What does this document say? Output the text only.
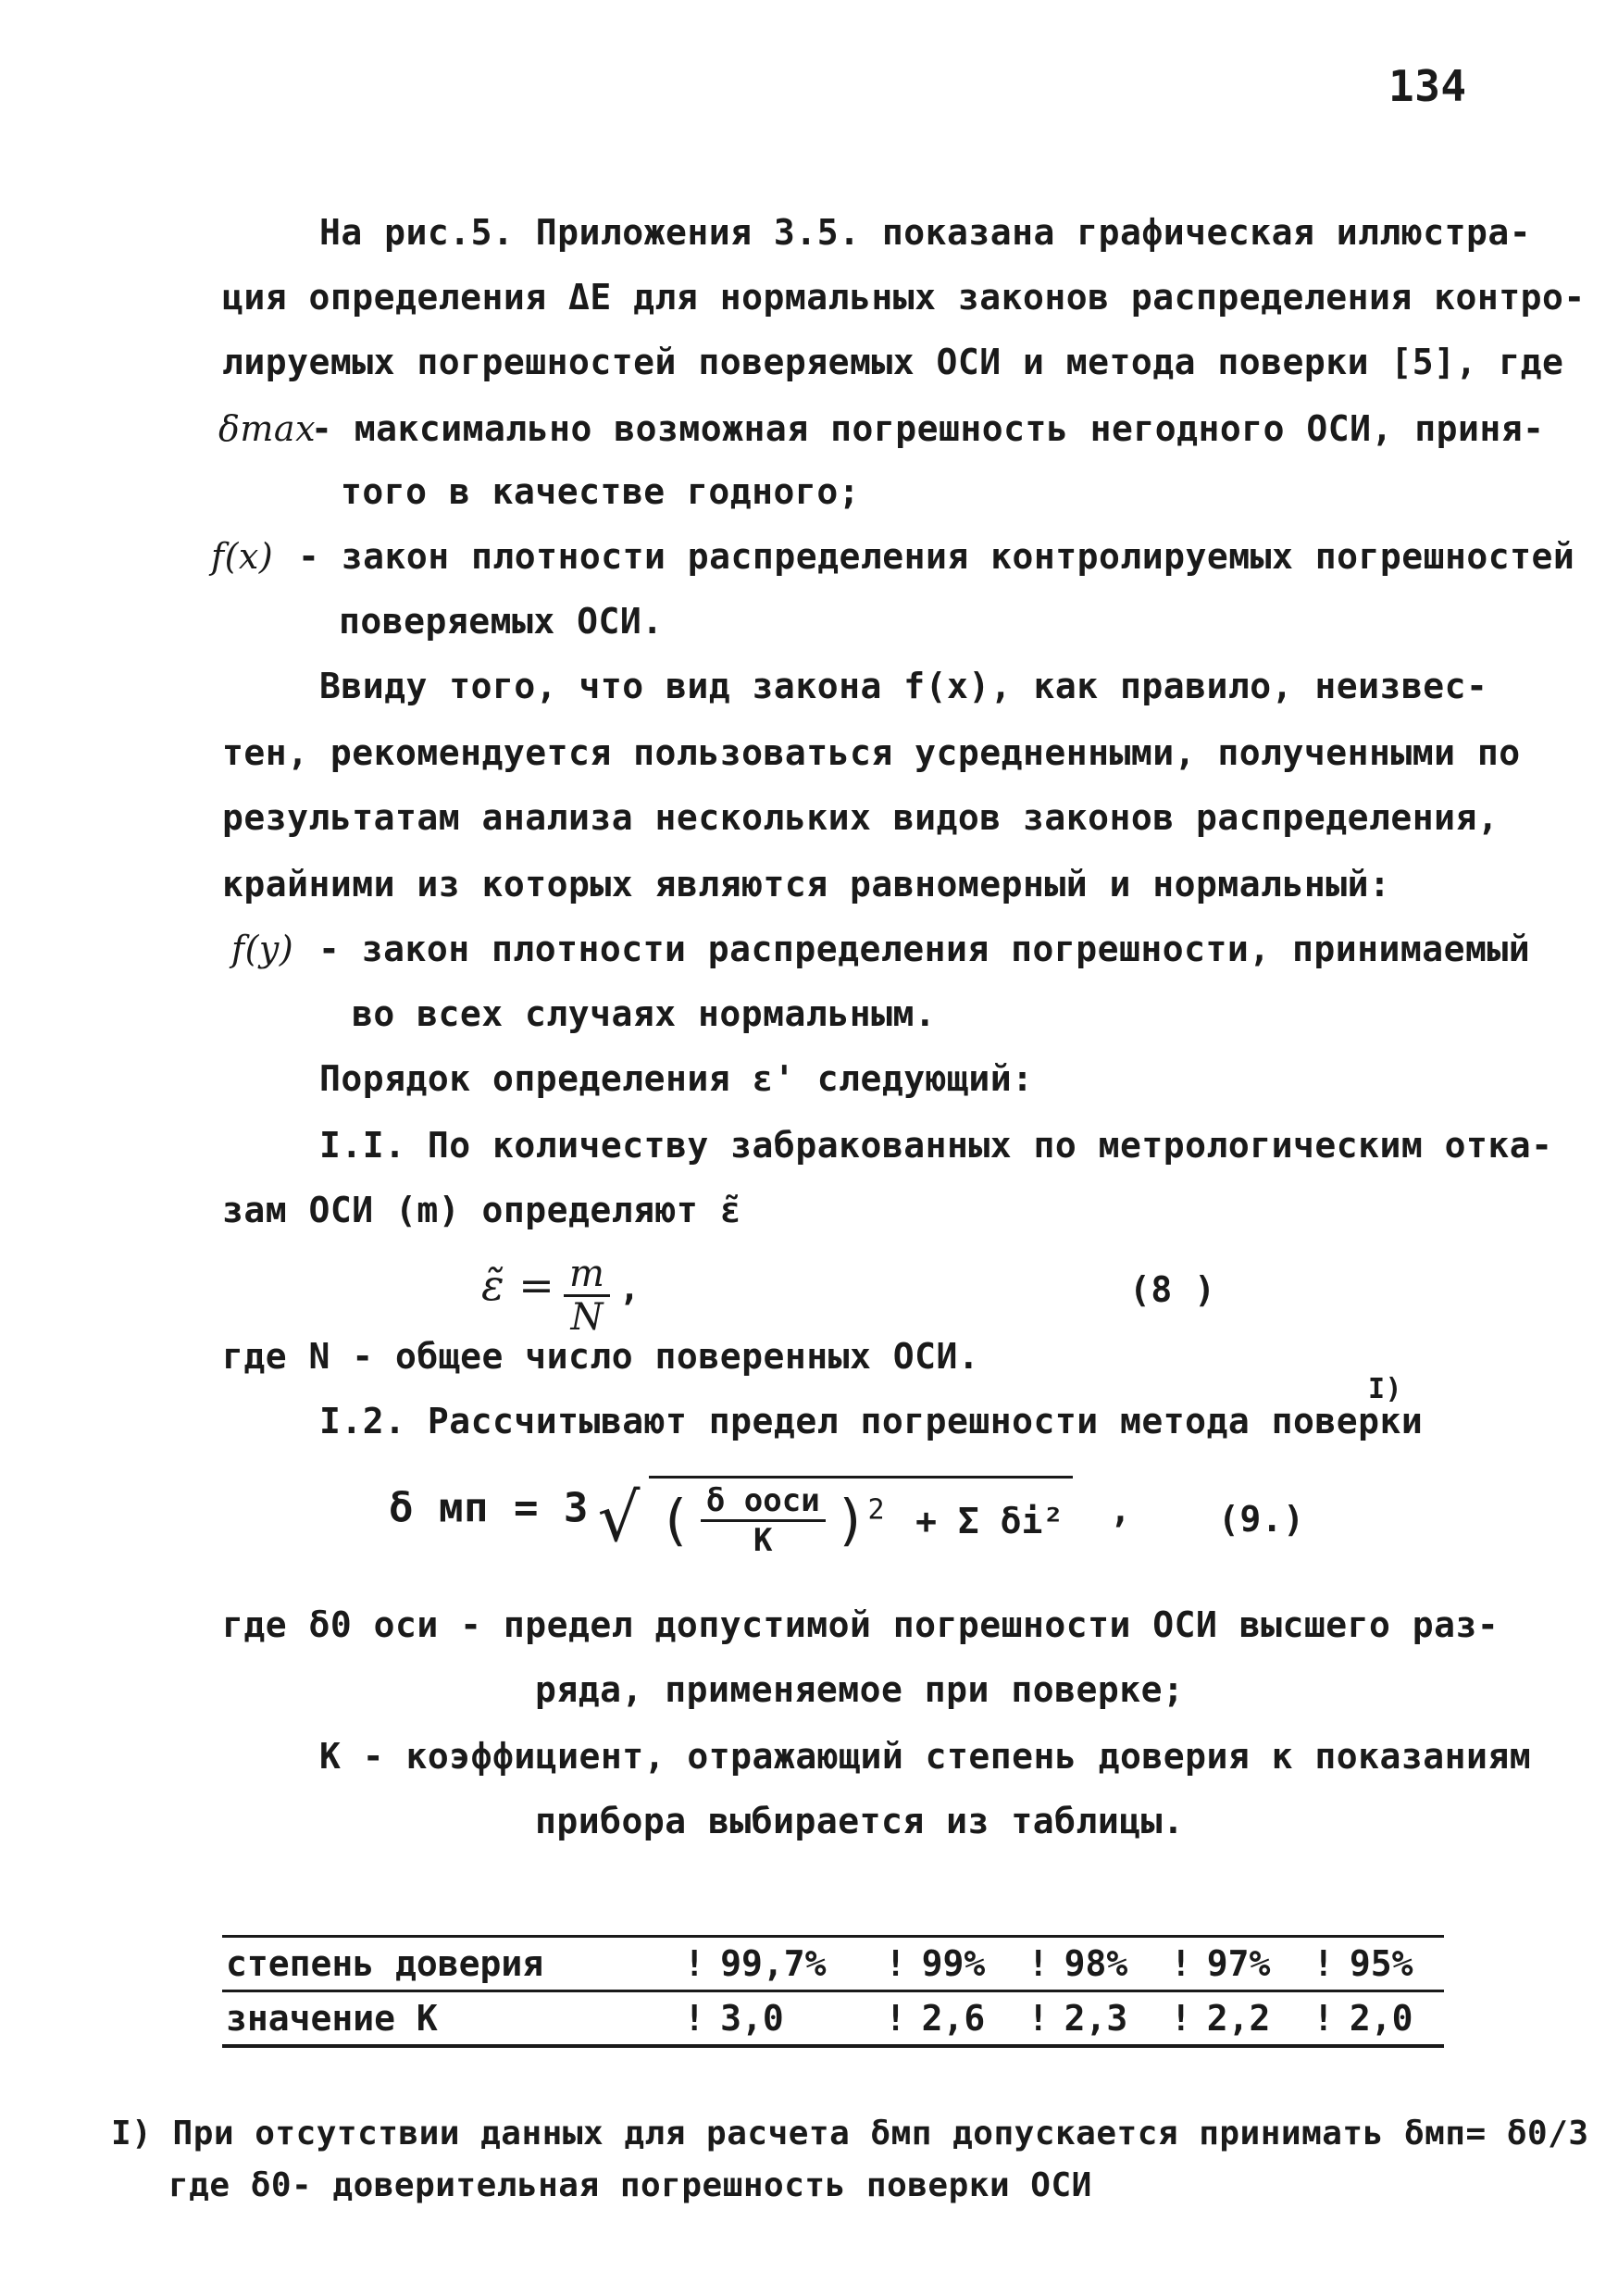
134
На рис.5. Приложения 3.5. показана графическая иллюстра-
ция определения ΔE для нормальных законов распределения контро-
лируемых погрешностей поверяемых ОСИ и метода поверки [5], где
δmax
- максимально возможная погрешность негодного ОСИ, приня-
того в качестве годного;
f(x) - закон плотности распределения контролируемых погрешностей
поверяемых ОСИ.
Ввиду того, что вид закона f(x), как правило, неизвес-
тен, рекомендуется пользоваться усредненными, полученными по
результатам анализа нескольких видов законов распределения,
крайними из которых являются равномерный и нормальный:
f(y) - закон плотности распределения погрешности, принимаемый
во всех случаях нормальным.
Порядок определения ε' следующий:
I.I. По количеству забракованных по метрологическим отка-
зам ОСИ (m) определяют ε̃
ε̃ = $\frac{m}{N}$ ,	(8 )
где N - общее число поверенных ОСИ.
I.2. Рассчитывают предел погрешности метода поверки
I)
δ мп = 3 √ ( $\frac{\text{δ ооси}}{К} )^2 + \Sigma$ δi² , (9.)
где δ0 оси - предел допустимой погрешности ОСИ высшего раз-
ряда, применяемое при поверке;
К - коэффициент, отражающий степень доверия к показаниям
прибора выбирается из таблицы.
степень доверия	!	99,7%	!	99%	!	98%	!	97%	!	95%
значение К	!	3,0	!	2,6	!	2,3	!	2,2	!	2,0
I) При отсутствии данных для расчета δмп допускается принимать δмп= δ0/3
где δ0- доверительная погрешность поверки ОСИ
